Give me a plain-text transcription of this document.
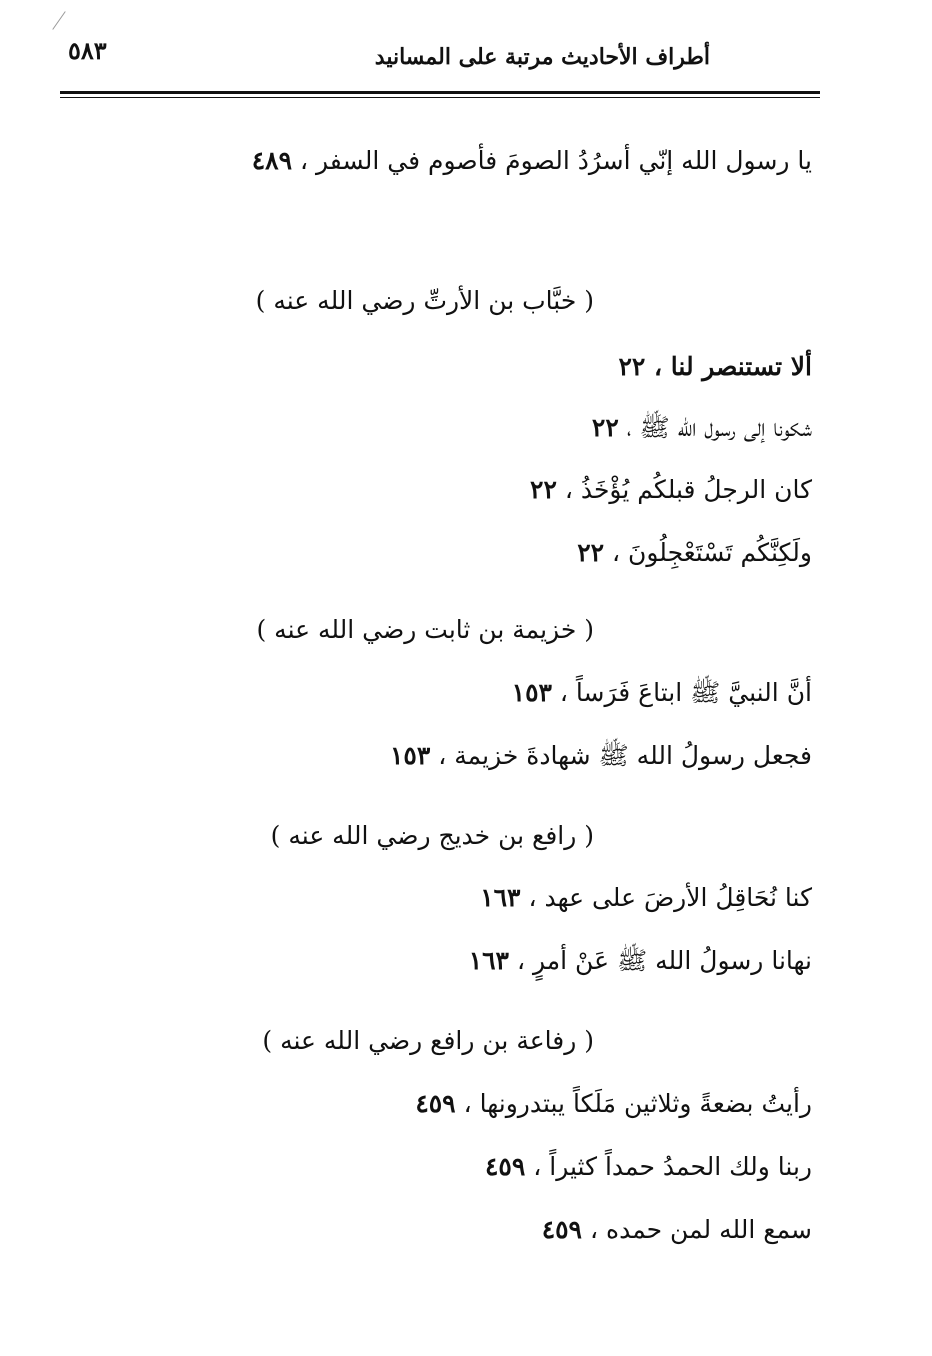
٥٨٣	أطراف الأحاديث مرتبة على المسانيد
يا رسول الله إنّي أسرُدُ الصومَ فأصوم في السفر ، ٤٨٩
( خبَّاب بن الأرتِّ رضي الله عنه )
ألا تستنصر لنا ، ٢٢
شكونا إلى رسول الله ﷺ ، ٢٢
كان الرجلُ قبلكُم يُؤْخَذُ ، ٢٢
ولَكِنَّكُم تَسْتَعْجِلُونَ ، ٢٢
( خزيمة بن ثابت رضي الله عنه )
أنَّ النبيَّ ﷺ ابتاعَ فَرَساً ، ١٥٣
فجعل رسولُ الله ﷺ شهادةَ خزيمة ، ١٥٣
( رافع بن خديج رضي الله عنه )
كنا نُحَاقِلُ الأرضَ على عهد ، ١٦٣
نهانا رسولُ الله ﷺ عَنْ أمرٍ ، ١٦٣
( رفاعة بن رافع رضي الله عنه )
رأيتُ بضعةً وثلاثين مَلَكاً يبتدرونها ، ٤٥٩
ربنا ولك الحمدُ حمداً كثيراً ، ٤٥٩
سمع الله لمن حمده ، ٤٥٩
